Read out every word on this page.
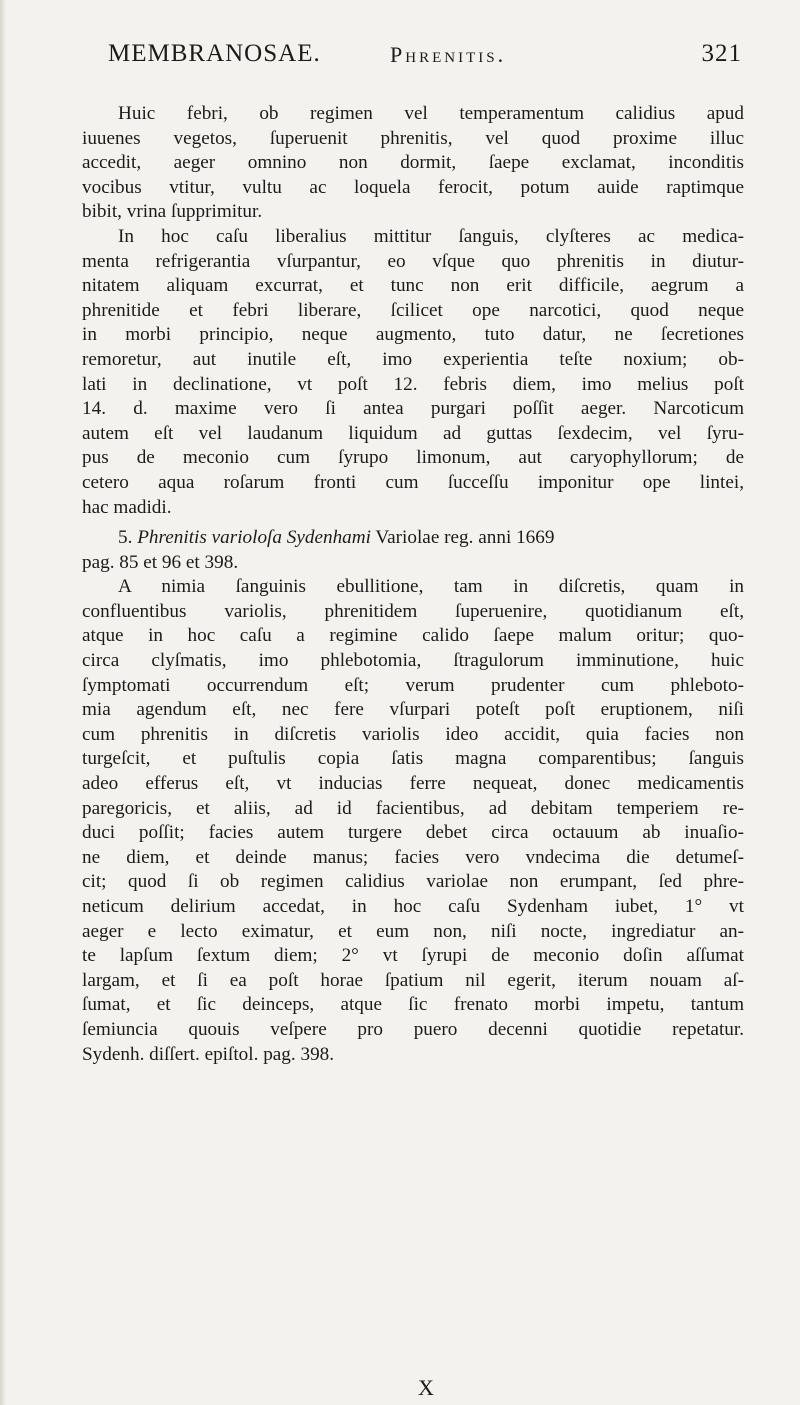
MEMBRANOSAE.	Phrenitis.	321
Huic febri, ob regimen vel temperamentum calidius apud
iuuenes vegetos, ſuperuenit phrenitis, vel quod proxime illuc
accedit, aeger omnino non dormit, ſaepe exclamat, inconditis
vocibus vtitur, vultu ac loquela ferocit, potum auide raptimque
bibit, vrina ſupprimitur.
In hoc caſu liberalius mittitur ſanguis, clyſteres ac medica-
menta refrigerantia vſurpantur, eo vſque quo phrenitis in diutur-
nitatem aliquam excurrat, et tunc non erit difficile, aegrum a
phrenitide et febri liberare, ſcilicet ope narcotici, quod neque
in morbi principio, neque augmento, tuto datur, ne ſecretiones
remoretur, aut inutile eſt, imo experientia teſte noxium; ob-
lati in declinatione, vt poſt 12. febris diem, imo melius poſt
14. d. maxime vero ſi antea purgari poſſit aeger. Narcoticum
autem eſt vel laudanum liquidum ad guttas ſexdecim, vel ſyru-
pus de meconio cum ſyrupo limonum, aut caryophyllorum; de
cetero aqua roſarum fronti cum ſucceſſu imponitur ope lintei,
hac madidi.
5. Phrenitis varioloſa Sydenhami Variolae reg. anni 1669
pag. 85 et 96 et 398.
A nimia ſanguinis ebullitione, tam in diſcretis, quam in
confluentibus variolis, phrenitidem ſuperuenire, quotidianum eſt,
atque in hoc caſu a regimine calido ſaepe malum oritur; quo-
circa clyſmatis, imo phlebotomia, ſtragulorum imminutione, huic
ſymptomati occurrendum eſt; verum prudenter cum phleboto-
mia agendum eſt, nec fere vſurpari poteſt poſt eruptionem, niſi
cum phrenitis in diſcretis variolis ideo accidit, quia facies non
turgeſcit, et puſtulis copia ſatis magna comparentibus; ſanguis
adeo efferus eſt, vt inducias ferre nequeat, donec medicamentis
paregoricis, et aliis, ad id facientibus, ad debitam temperiem re-
duci poſſit; facies autem turgere debet circa octauum ab inuaſio-
ne diem, et deinde manus; facies vero vndecima die detumeſ-
cit; quod ſi ob regimen calidius variolae non erumpant, ſed phre-
neticum delirium accedat, in hoc caſu Sydenham iubet, 1° vt
aeger e lecto eximatur, et eum non, niſi nocte, ingrediatur an-
te lapſum ſextum diem; 2° vt ſyrupi de meconio doſin aſſumat
largam, et ſi ea poſt horae ſpatium nil egerit, iterum nouam aſ-
ſumat, et ſic deinceps, atque ſic frenato morbi impetu, tantum
ſemiuncia quouis veſpere pro puero decenni quotidie repetatur.
Sydenh. diſſert. epiſtol. pag. 398.
X
